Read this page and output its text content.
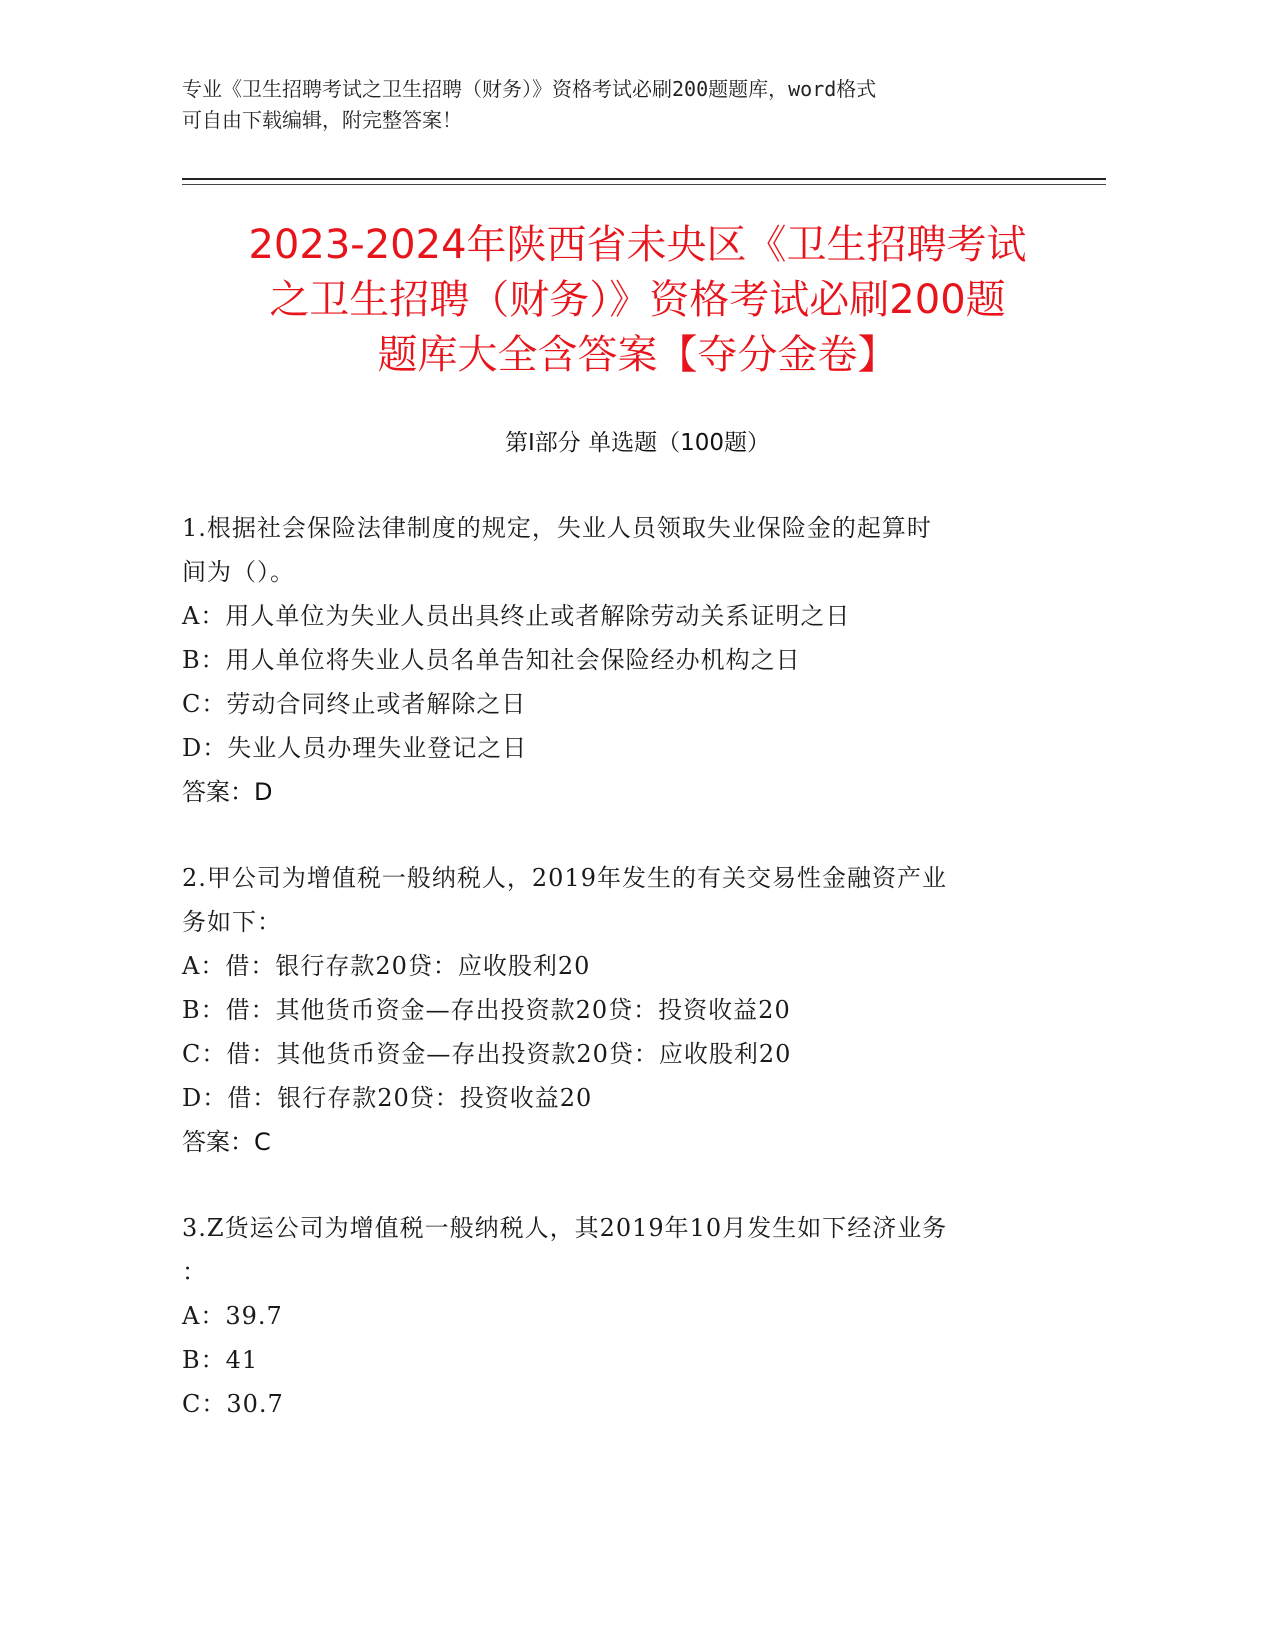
专业《卫生招聘考试之卫生招聘（财务）》资格考试必刷200题题库，word格式
可自由下载编辑，附完整答案！
2023-2024年陕西省未央区《卫生招聘考试
之卫生招聘（财务）》资格考试必刷200题
题库大全含答案【夺分金卷】
第Ⅰ部分 单选题（100题）
1.根据社会保险法律制度的规定，失业人员领取失业保险金的起算时
间为（）。
A：用人单位为失业人员出具终止或者解除劳动关系证明之日
B：用人单位将失业人员名单告知社会保险经办机构之日
C：劳动合同终止或者解除之日
D：失业人员办理失业登记之日
答案：D
2.甲公司为增值税一般纳税人，2019年发生的有关交易性金融资产业
务如下：
A：借：银行存款20贷：应收股利20
B：借：其他货币资金—存出投资款20贷：投资收益20
C：借：其他货币资金—存出投资款20贷：应收股利20
D：借：银行存款20贷：投资收益20
答案：C
3.Z货运公司为增值税一般纳税人，其2019年10月发生如下经济业务
：
A：39.7
B：41
C：30.7
